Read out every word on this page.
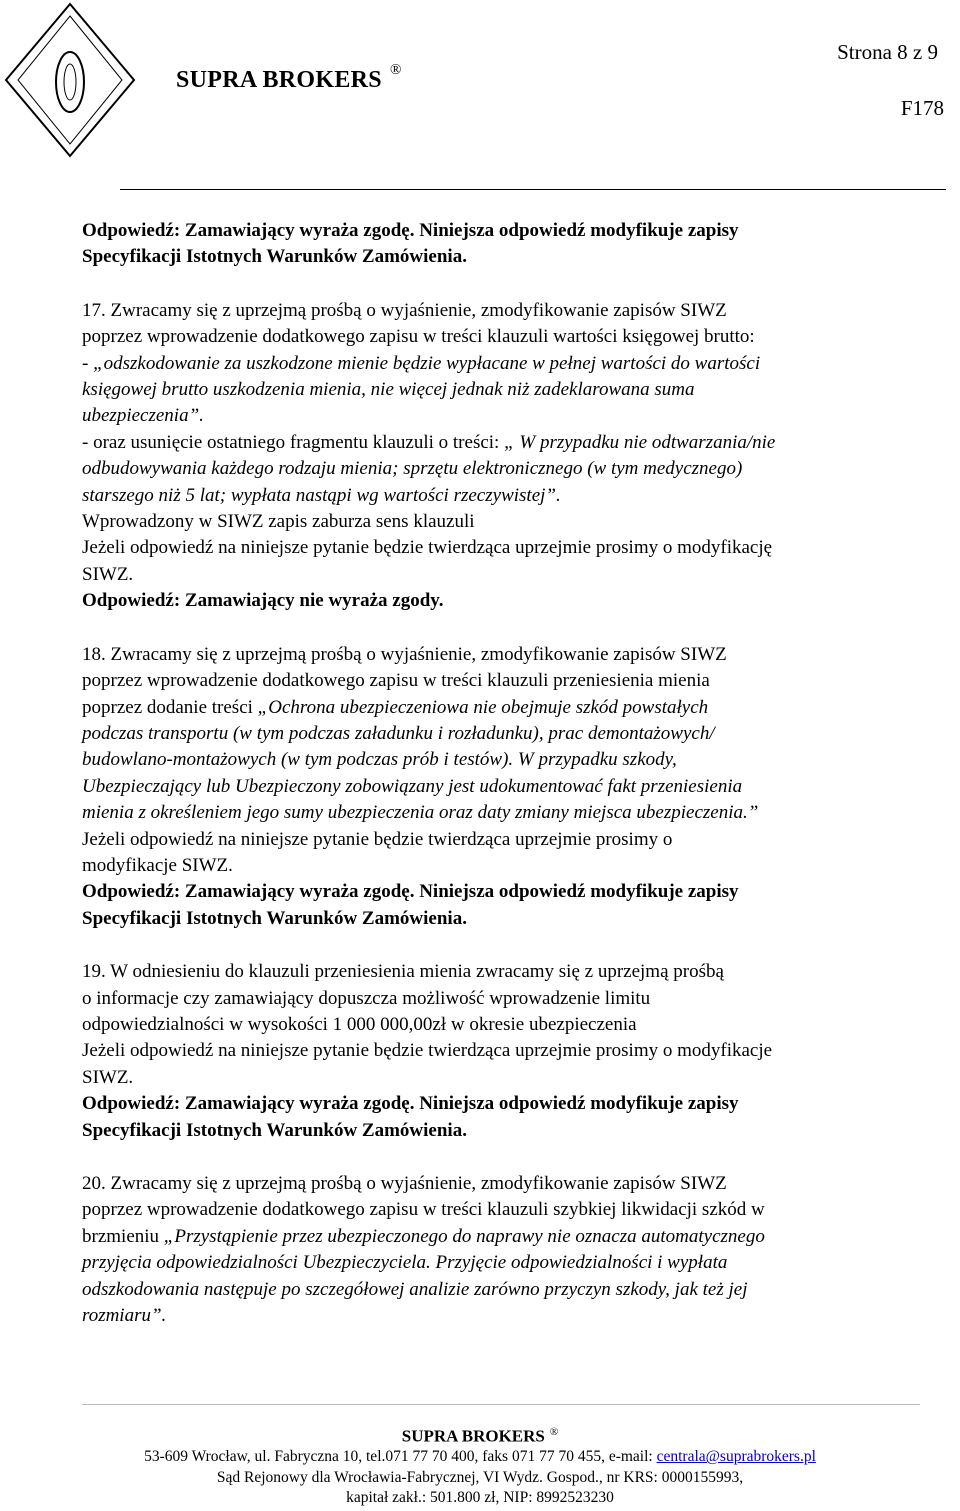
SUPRA BROKERS ®
Strona 8 z 9
F178

Odpowiedź: Zamawiający wyraża zgodę. Niniejsza odpowiedź modyfikuje zapisy

Specyfikacji Istotnych Warunków Zamówienia.

17. Zwracamy się z uprzejmą prośbą o wyjaśnienie, zmodyfikowanie zapisów SIWZ

poprzez wprowadzenie dodatkowego zapisu w treści klauzuli wartości księgowej brutto:

- „odszkodowanie za uszkodzone mienie będzie wypłacane w pełnej wartości do wartości

księgowej brutto uszkodzenia mienia, nie więcej jednak niż zadeklarowana suma

ubezpieczenia”.

- oraz usunięcie ostatniego fragmentu klauzuli o treści: „ W przypadku nie odtwarzania/nie

odbudowywania każdego rodzaju mienia; sprzętu elektronicznego (w tym medycznego)

starszego niż 5 lat; wypłata nastąpi wg wartości rzeczywistej”.

Wprowadzony w SIWZ zapis zaburza sens klauzuli

Jeżeli odpowiedź na niniejsze pytanie będzie twierdząca uprzejmie prosimy o modyfikację

SIWZ.

Odpowiedź: Zamawiający nie wyraża zgody.

18. Zwracamy się z uprzejmą prośbą o wyjaśnienie, zmodyfikowanie zapisów SIWZ

poprzez wprowadzenie dodatkowego zapisu w treści klauzuli przeniesienia mienia

poprzez dodanie treści „Ochrona ubezpieczeniowa nie obejmuje szkód powstałych

podczas transportu (w tym podczas załadunku i rozładunku), prac demontażowych/

budowlano-montażowych (w tym podczas prób i testów). W przypadku szkody,

Ubezpieczający lub Ubezpieczony zobowiązany jest udokumentować fakt przeniesienia

mienia z określeniem jego sumy ubezpieczenia oraz daty zmiany miejsca ubezpieczenia.”

Jeżeli odpowiedź na niniejsze pytanie będzie twierdząca uprzejmie prosimy o

modyfikacje SIWZ.

Odpowiedź: Zamawiający wyraża zgodę. Niniejsza odpowiedź modyfikuje zapisy

Specyfikacji Istotnych Warunków Zamówienia.

19. W odniesieniu do klauzuli przeniesienia mienia zwracamy się z uprzejmą prośbą

o informacje czy zamawiający dopuszcza możliwość wprowadzenie limitu

odpowiedzialności w wysokości 1 000 000,00zł w okresie ubezpieczenia

Jeżeli odpowiedź na niniejsze pytanie będzie twierdząca uprzejmie prosimy o modyfikacje

SIWZ.

Odpowiedź: Zamawiający wyraża zgodę. Niniejsza odpowiedź modyfikuje zapisy

Specyfikacji Istotnych Warunków Zamówienia.

20. Zwracamy się z uprzejmą prośbą o wyjaśnienie, zmodyfikowanie zapisów SIWZ

poprzez wprowadzenie dodatkowego zapisu w treści klauzuli szybkiej likwidacji szkód w

brzmieniu „Przystąpienie przez ubezpieczonego do naprawy nie oznacza automatycznego

przyjęcia odpowiedzialności Ubezpieczyciela. Przyjęcie odpowiedzialności i wypłata

odszkodowania następuje po szczegółowej analizie zarówno przyczyn szkody, jak też jej

rozmiaru”.

SUPRA BROKERS ®
53-609 Wrocław, ul. Fabryczna 10, tel.071 77 70 400, faks 071 77 70 455, e-mail: centrala@suprabrokers.pl
Sąd Rejonowy dla Wrocławia-Fabrycznej, VI Wydz. Gospod., nr KRS: 0000155993,
kapitał zakł.: 501.800 zł, NIP: 8992523230
